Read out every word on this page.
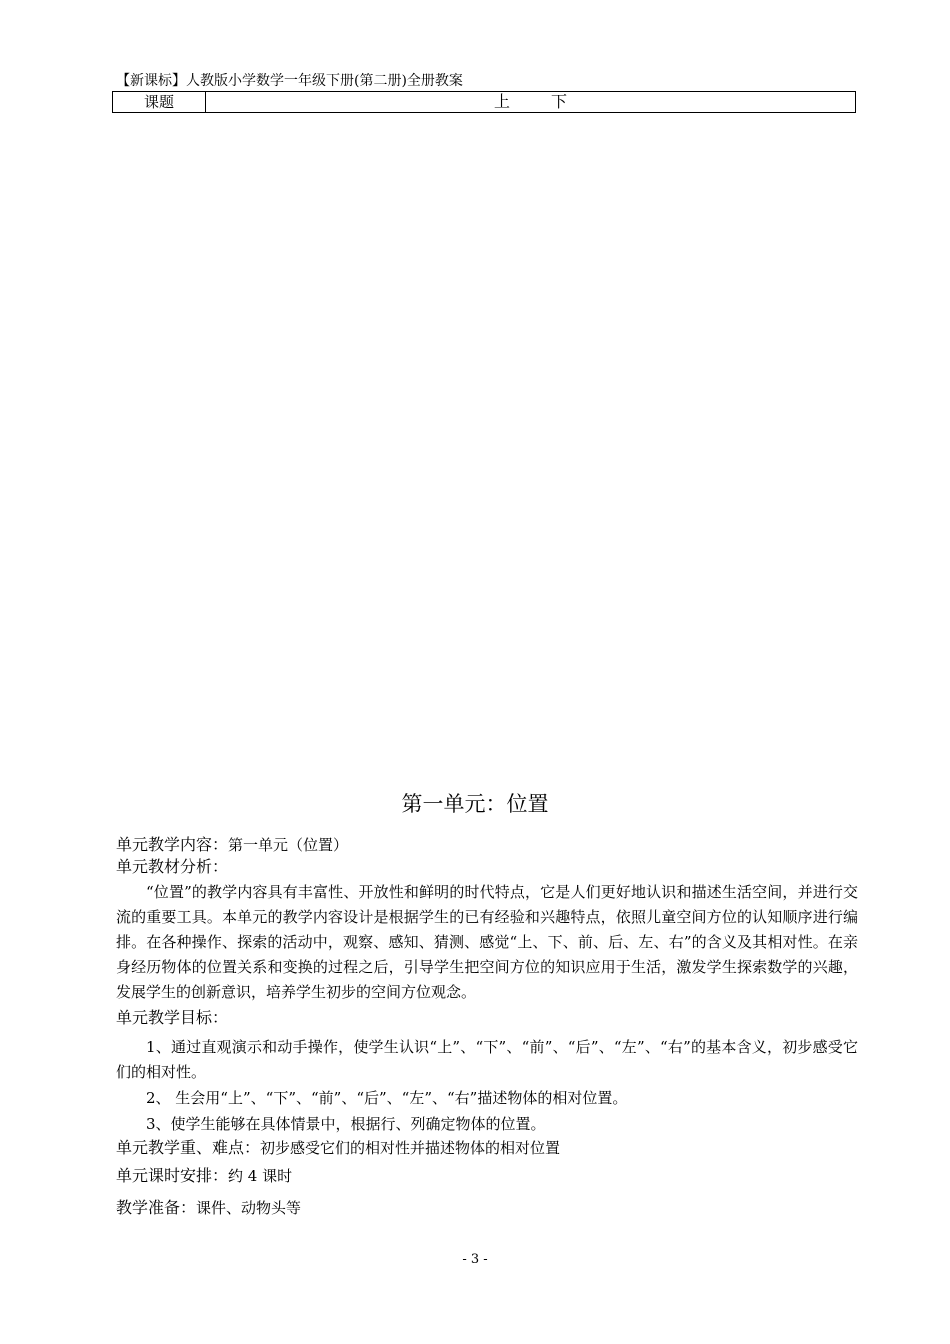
【新课标】人教版小学数学一年级下册(第二册)全册教案
课题	上 下
第一单元：位置
单元教学内容：第一单元（位置）
单元教材分析：
“位置”的教学内容具有丰富性、开放性和鲜明的时代特点，它是人们更好地认识和描述生活空间，并进行交流的重要工具。本单元的教学内容设计是根据学生的已有经验和兴趣特点，依照儿童空间方位的认知顺序进行编排。在各种操作、探索的活动中，观察、感知、猜测、感觉“上、下、前、后、左、右”的含义及其相对性。在亲身经历物体的位置关系和变换的过程之后，引导学生把空间方位的知识应用于生活，激发学生探索数学的兴趣，发展学生的创新意识，培养学生初步的空间方位观念。
单元教学目标：
1、通过直观演示和动手操作，使学生认识“上”、“下”、“前”、“后”、“左”、“右”的基本含义，初步感受它们的相对性。
2、 生会用“上”、“下”、“前”、“后”、“左”、“右”描述物体的相对位置。
3、使学生能够在具体情景中，根据行、列确定物体的位置。
单元教学重、难点：初步感受它们的相对性并描述物体的相对位置
单元课时安排：约 4 课时
教学准备：课件、动物头等
- 3 -
